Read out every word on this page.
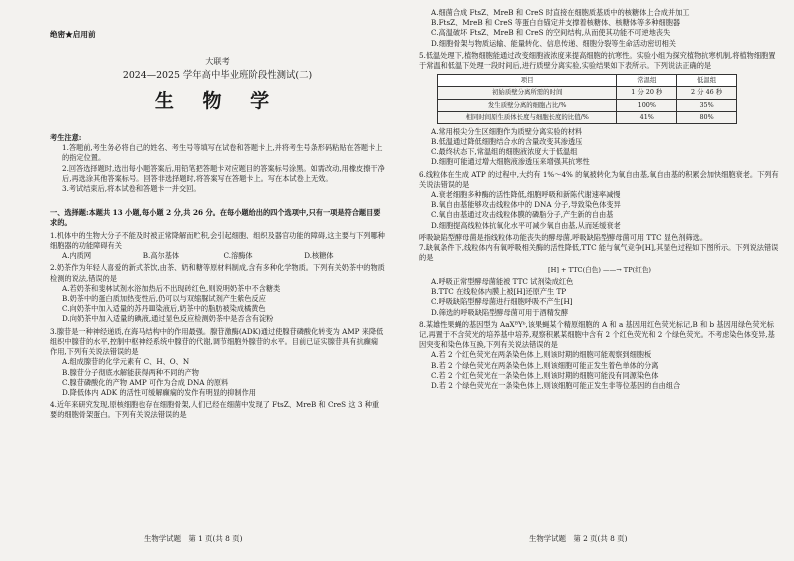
绝密★启用前
大联考
2024—2025 学年高中毕业班阶段性测试(二)
生 物 学
考生注意:
1.答题前,考生务必将自己的姓名、考生号等填写在试卷和答题卡上,并将考生号条形码粘贴在答题卡上的指定位置。
2.回答选择题时,选出每小题答案后,用铅笔把答题卡对应题目的答案标号涂黑。如需改动,用橡皮擦干净后,再选涂其他答案标号。回答非选择题时,将答案写在答题卡上。写在本试卷上无效。
3.考试结束后,将本试卷和答题卡一并交回。
一、选择题:本题共 13 小题,每小题 2 分,共 26 分。在每小题给出的四个选项中,只有一项是符合题目要求的。
1.机体中的生物大分子不能及时被正常降解而贮积,会引起细胞、组织及器官功能的障碍,这主要与下列哪种细胞器的功能障碍有关
A.内质网	B.高尔基体	C.溶酶体	D.核糖体
2.奶茶作为年轻人喜爱的新式茶饮,由茶、奶和糖等原材料制成,含有多种化学物质。下列有关奶茶中的物质检测的说法,错误的是
A.若奶茶和斐林试剂水浴加热后不出现砖红色,则说明奶茶中不含糖类
B.奶茶中的蛋白质加热变性后,仍可以与双缩脲试剂产生紫色反应
C.向奶茶中加入适量的苏丹Ⅲ染液后,奶茶中的脂肪被染成橘黄色
D.向奶茶中加入适量的碘液,通过显色反应检测奶茶中是否含有淀粉
3.腺苷是一种神经递质,在海马结构中的作用最强。腺苷激酶(ADK)通过使腺苷磷酸化转变为 AMP 来降低组织中腺苷的水平,控制中枢神经系统中腺苷的代谢,调节细胞外腺苷的水平。目前已证实腺苷具有抗癫痫作用,下列有关说法错误的是
A.组成腺苷的化学元素有 C、H、O、N
B.腺苷分子彻底水解能获得两种不同的产物
C.腺苷磷酸化的产物 AMP 可作为合成 DNA 的原料
D.降低体内 ADK 的活性可缓解癫痫的发作有明显的抑制作用
4.近年来研究发现,原核细胞也存在细胞骨架,人们已经在细菌中发现了 FtsZ、MreB 和 CreS 这 3 种重要的细胞骨架蛋白。下列有关说法错误的是
生物学试题　第 1 页(共 8 页)
A.细菌合成 FtsZ、MreB 和 CreS 时直接在细胞质基质中的核糖体上合成并加工
B.FtsZ、MreB 和 CreS 等蛋白自锚定并支撑着核糖体、核糖体等多种细胞器
C.高温破坏 FtsZ、MreB 和 CreS 的空间结构,从而使其功能不可逆地丧失
D.细胞骨架与物质运输、能量转化、信息传递、细胞分裂等生命活动密切相关
5.低温处理下,植物细胞能通过改变细胞液浓度来提高细胞的抗寒性。实验小组为探究植物抗寒机制,将植物细胞置于常温和低温下处理一段时间后,进行质壁分离实验,实验结果如下表所示。下列说法正确的是
项目	常温组	低温组
初始质壁分离所需的时间	1 分 20 秒	2 分 46 秒
发生质壁分离的细胞占比/%	100%	35%
相同时间原生质体长度与细胞长度的比值/%	41%	80%
A.常用根尖分生区细胞作为质壁分离实验的材料
B.低温通过降低细胞结合水的含量改变其渗透压
C.最终状态下,常温组的细胞液浓度大于低温组
D.细胞可能通过增大细胞液渗透压来增强其抗寒性
6.线粒体在生成 ATP 的过程中,大约有 1%～4% 的氧被转化为氧自由基,氧自由基的积累会加快细胞衰老。下列有关说法错误的是
A.衰老细胞多种酶的活性降低,细胞呼吸和新陈代谢速率减慢
B.氧自由基能够攻击线粒体中的 DNA 分子,导致染色体变异
C.氧自由基通过攻击线粒体膜的磷脂分子,产生新的自由基
D.细胞提高线粒体抗氧化水平可减少氧自由基,从而延缓衰老
呼吸缺陷型酵母菌是指线粒体功能丧失的酵母菌,呼吸缺陷型酵母菌可用 TTC 显色剂筛选。
7.缺氧条件下,线粒体内有氧呼吸相关酶的活性降低,TTC 能与氧气竞争[H],其显色过程如下图所示。下列说法错误的是
[H] + TTC(白色) ——→ TP(红色)
A.呼吸正常型酵母菌能被 TTC 试剂染成红色
B.TTC 在线粒体内膜上被[H]还原产生 TP
C.呼吸缺陷型酵母菌进行细胞呼吸不产生[H]
D.筛选的呼吸缺陷型酵母菌可用于酒精发酵
8.某雄性果蝇的基因型为 AaXᴮYᵇ,该果蝇某个精原细胞的 A 和 a 基因用红色荧光标记,B 和 b 基因用绿色荧光标记,再置于不含荧光的培养基中培养,观察积累某细胞中含有 2 个红色荧光和 2 个绿色荧光。不考虑染色体变异,基因突变和染色体互换,下列有关说法错误的是
A.若 2 个红色荧光在两条染色体上,则该时期的细胞可能观察到细胞板
B.若 2 个绿色荧光在两条染色体上,则该细胞可能正发生着色单体的分离
C.若 2 个红色荧光在一条染色体上,则该时期的细胞可能没有同源染色体
D.若 2 个绿色荧光在一条染色体上,则该细胞可能正发生非等位基因的自由组合
生物学试题　第 2 页(共 8 页)
